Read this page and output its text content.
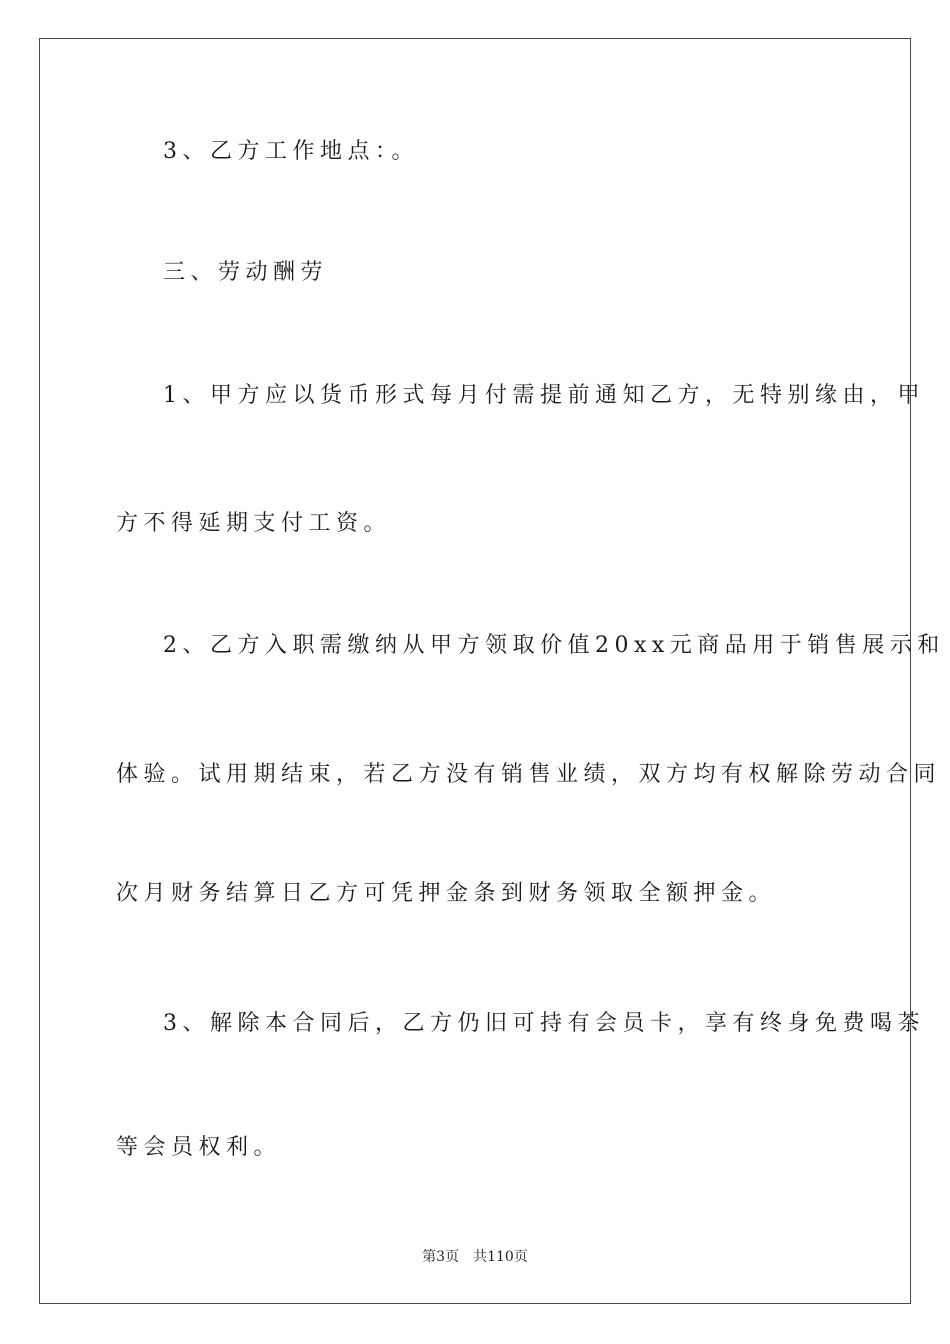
3、乙方工作地点：。
三、劳动酬劳
1、甲方应以货币形式每月付需提前通知乙方，无特别缘由，甲
方不得延期支付工资。
2、乙方入职需缴纳从甲方领取价值20xx元商品用于销售展示和
体验。试用期结束，若乙方没有销售业绩，双方均有权解除劳动合同
次月财务结算日乙方可凭押金条到财务领取全额押金。
3、解除本合同后，乙方仍旧可持有会员卡，享有终身免费喝茶
等会员权利。
第3页 共110页
